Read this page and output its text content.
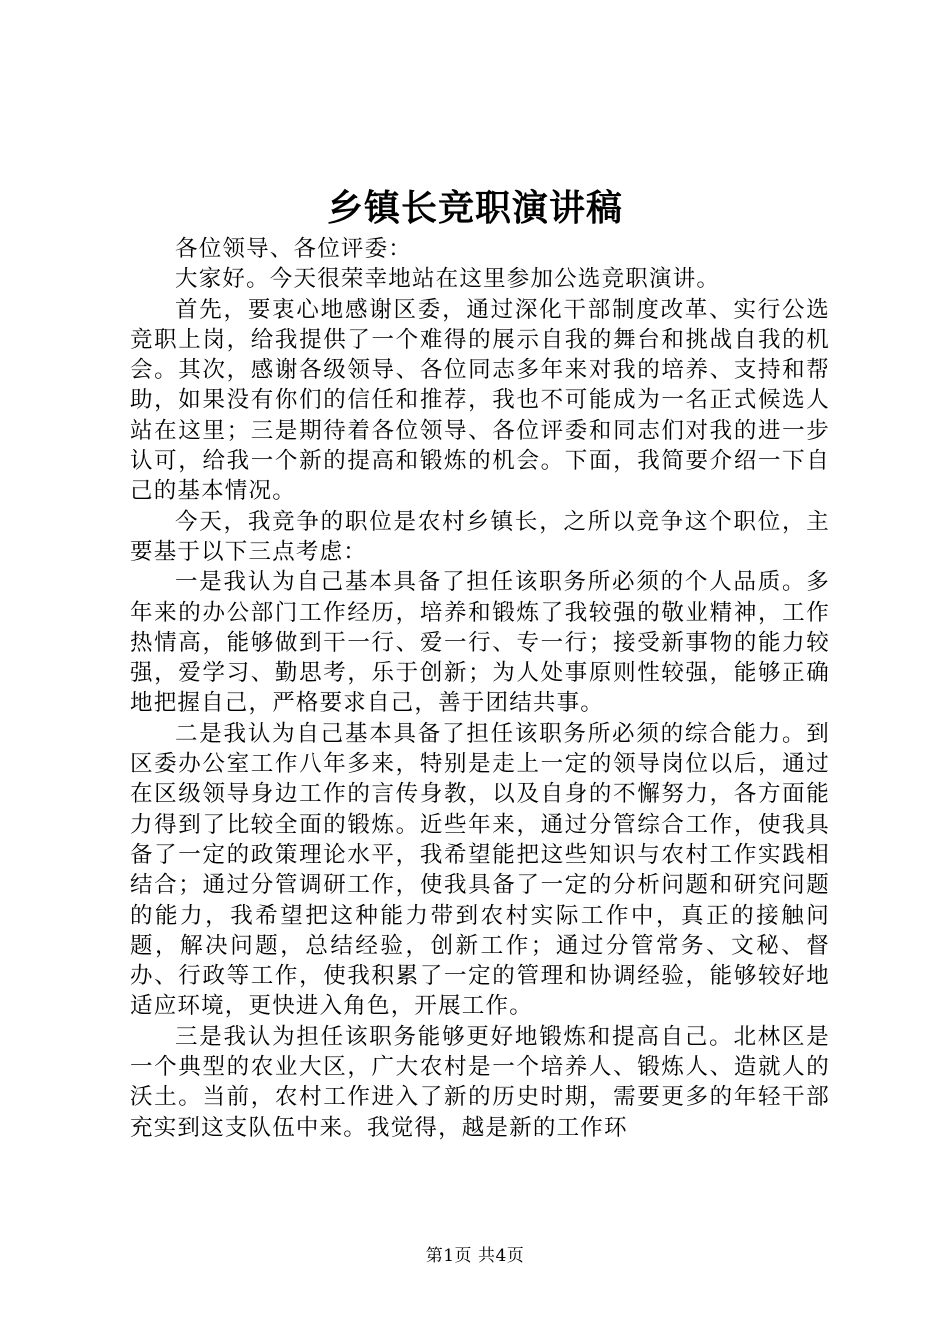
乡镇长竞职演讲稿

各位领导、各位评委：

大家好。今天很荣幸地站在这里参加公选竞职演讲。

首先，要衷心地感谢区委，通过深化干部制度改革、实行公选竞职上岗，给我提供了一个难得的展示自我的舞台和挑战自我的机会。其次，感谢各级领导、各位同志多年来对我的培养、支持和帮助，如果没有你们的信任和推荐，我也不可能成为一名正式候选人站在这里；三是期待着各位领导、各位评委和同志们对我的进一步认可，给我一个新的提高和锻炼的机会。下面，我简要介绍一下自己的基本情况。

今天，我竞争的职位是农村乡镇长，之所以竞争这个职位，主要基于以下三点考虑：

一是我认为自己基本具备了担任该职务所必须的个人品质。多年来的办公部门工作经历，培养和锻炼了我较强的敬业精神，工作热情高，能够做到干一行、爱一行、专一行；接受新事物的能力较强，爱学习、勤思考，乐于创新；为人处事原则性较强，能够正确地把握自己，严格要求自己，善于团结共事。

二是我认为自己基本具备了担任该职务所必须的综合能力。到区委办公室工作八年多来，特别是走上一定的领导岗位以后，通过在区级领导身边工作的言传身教，以及自身的不懈努力，各方面能力得到了比较全面的锻炼。近些年来，通过分管综合工作，使我具备了一定的政策理论水平，我希望能把这些知识与农村工作实践相结合；通过分管调研工作，使我具备了一定的分析问题和研究问题的能力，我希望把这种能力带到农村实际工作中，真正的接触问题，解决问题，总结经验，创新工作；通过分管常务、文秘、督办、行政等工作，使我积累了一定的管理和协调经验，能够较好地适应环境，更快进入角色，开展工作。

三是我认为担任该职务能够更好地锻炼和提高自己。北林区是一个典型的农业大区，广大农村是一个培养人、锻炼人、造就人的沃土。当前，农村工作进入了新的历史时期，需要更多的年轻干部充实到这支队伍中来。我觉得，越是新的工作环

第1页 共4页
